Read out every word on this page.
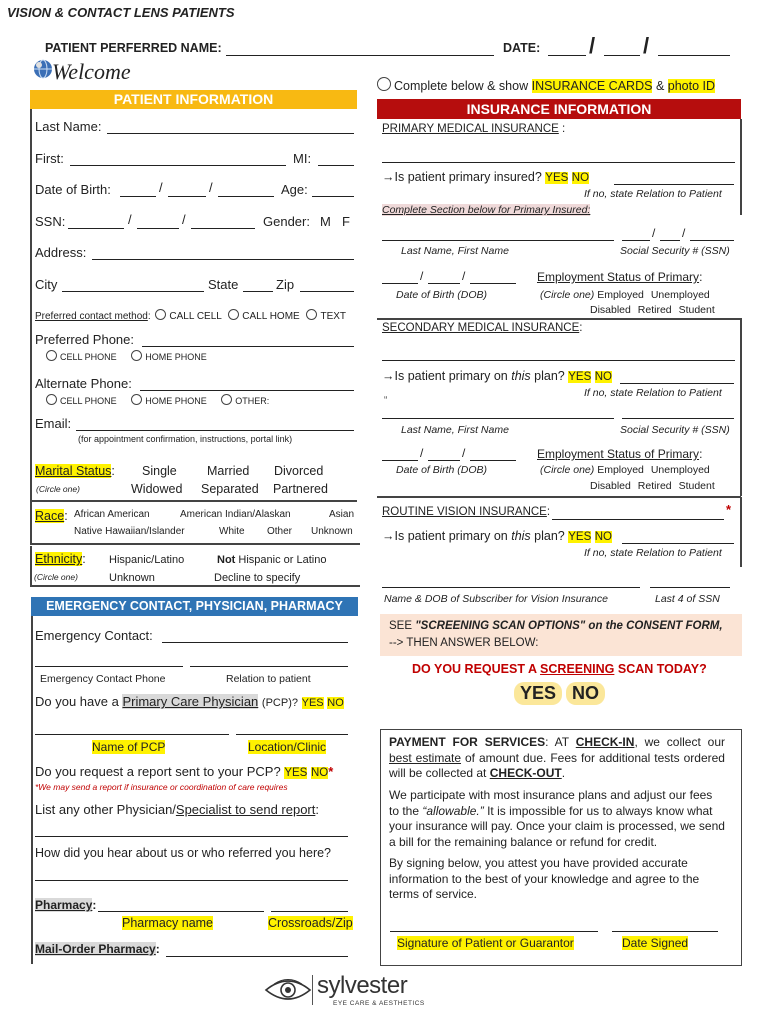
VISION & CONTACT LENS PATIENTS
PATIENT PERFERRED NAME:	DATE: / /
Welcome
Complete below & show INSURANCE CARDS & photo ID
PATIENT INFORMATION
Last Name:
First:	MI:
Date of Birth:	/	/	Age:
SSN:	/	/	Gender: M F
Address:
City	State	Zip
Preferred contact method: CALL CELL CALL HOME TEXT
Preferred Phone:
CELL PHONE	HOME PHONE
Alternate Phone:
CELL PHONE	HOME PHONE	OTHER:
Email:
(for appointment confirmation, instructions, portal link)
Marital Status:
(Circle one)
Single Married Divorced
Widowed Separated Partnered
Race: African American	American Indian/Alaskan	Asian
Native Hawaiian/Islander	White Other Unknown
Ethnicity:
(Circle one)
Hispanic/Latino	Not Hispanic or Latino
Unknown	Decline to specify
EMERGENCY CONTACT, PHYSICIAN, PHARMACY
Emergency Contact:
Emergency Contact Phone	Relation to patient
Do you have a Primary Care Physician (PCP)? YES NO
Name of PCP	Location/Clinic
Do you request a report sent to your PCP? YES NO*
*We may send a report if insurance or coordination of care requires
List any other Physician/Specialist to send report:
How did you hear about us or who referred you here?
Pharmacy:
Pharmacy name	Crossroads/Zip
Mail-Order Pharmacy:
INSURANCE INFORMATION
PRIMARY MEDICAL INSURANCE :
→Is patient primary insured? YES NO
If no, state Relation to Patient
Complete Section below for Primary Insured:
/ /
Last Name, First Name	Social Security # (SSN)
/	/
Date of Birth (DOB)
Employment Status of Primary:
(Circle one) Employed Unemployed
Disabled Retired Student
SECONDARY MEDICAL INSURANCE:
→Is patient primary on this plan? YES NO
If no, state Relation to Patient
“
Last Name, First Name	Social Security # (SSN)
/	/
Date of Birth (DOB)
Employment Status of Primary:
(Circle one) Employed Unemployed
Disabled Retired Student
ROUTINE VISION INSURANCE:	*
→Is patient primary on this plan? YES NO
If no, state Relation to Patient
Name & DOB of Subscriber for Vision Insurance	Last 4 of SSN
SEE "SCREENING SCAN OPTIONS" on the CONSENT FORM,
--> THEN ANSWER BELOW:
DO YOU REQUEST A SCREENING SCAN TODAY?
YES NO
PAYMENT FOR SERVICES: AT CHECK-IN, we collect our best estimate of amount due. Fees for additional tests ordered will be collected at CHECK-OUT.
We participate with most insurance plans and adjust our fees to the “allowable.” It is impossible for us to always know what your insurance will pay. Once your claim is processed, we send a bill for the remaining balance or refund for credit.
By signing below, you attest you have provided accurate information to the best of your knowledge and agree to the terms of service.
Signature of Patient or Guarantor	Date Signed
sylvester
EYE CARE & AESTHETICS
